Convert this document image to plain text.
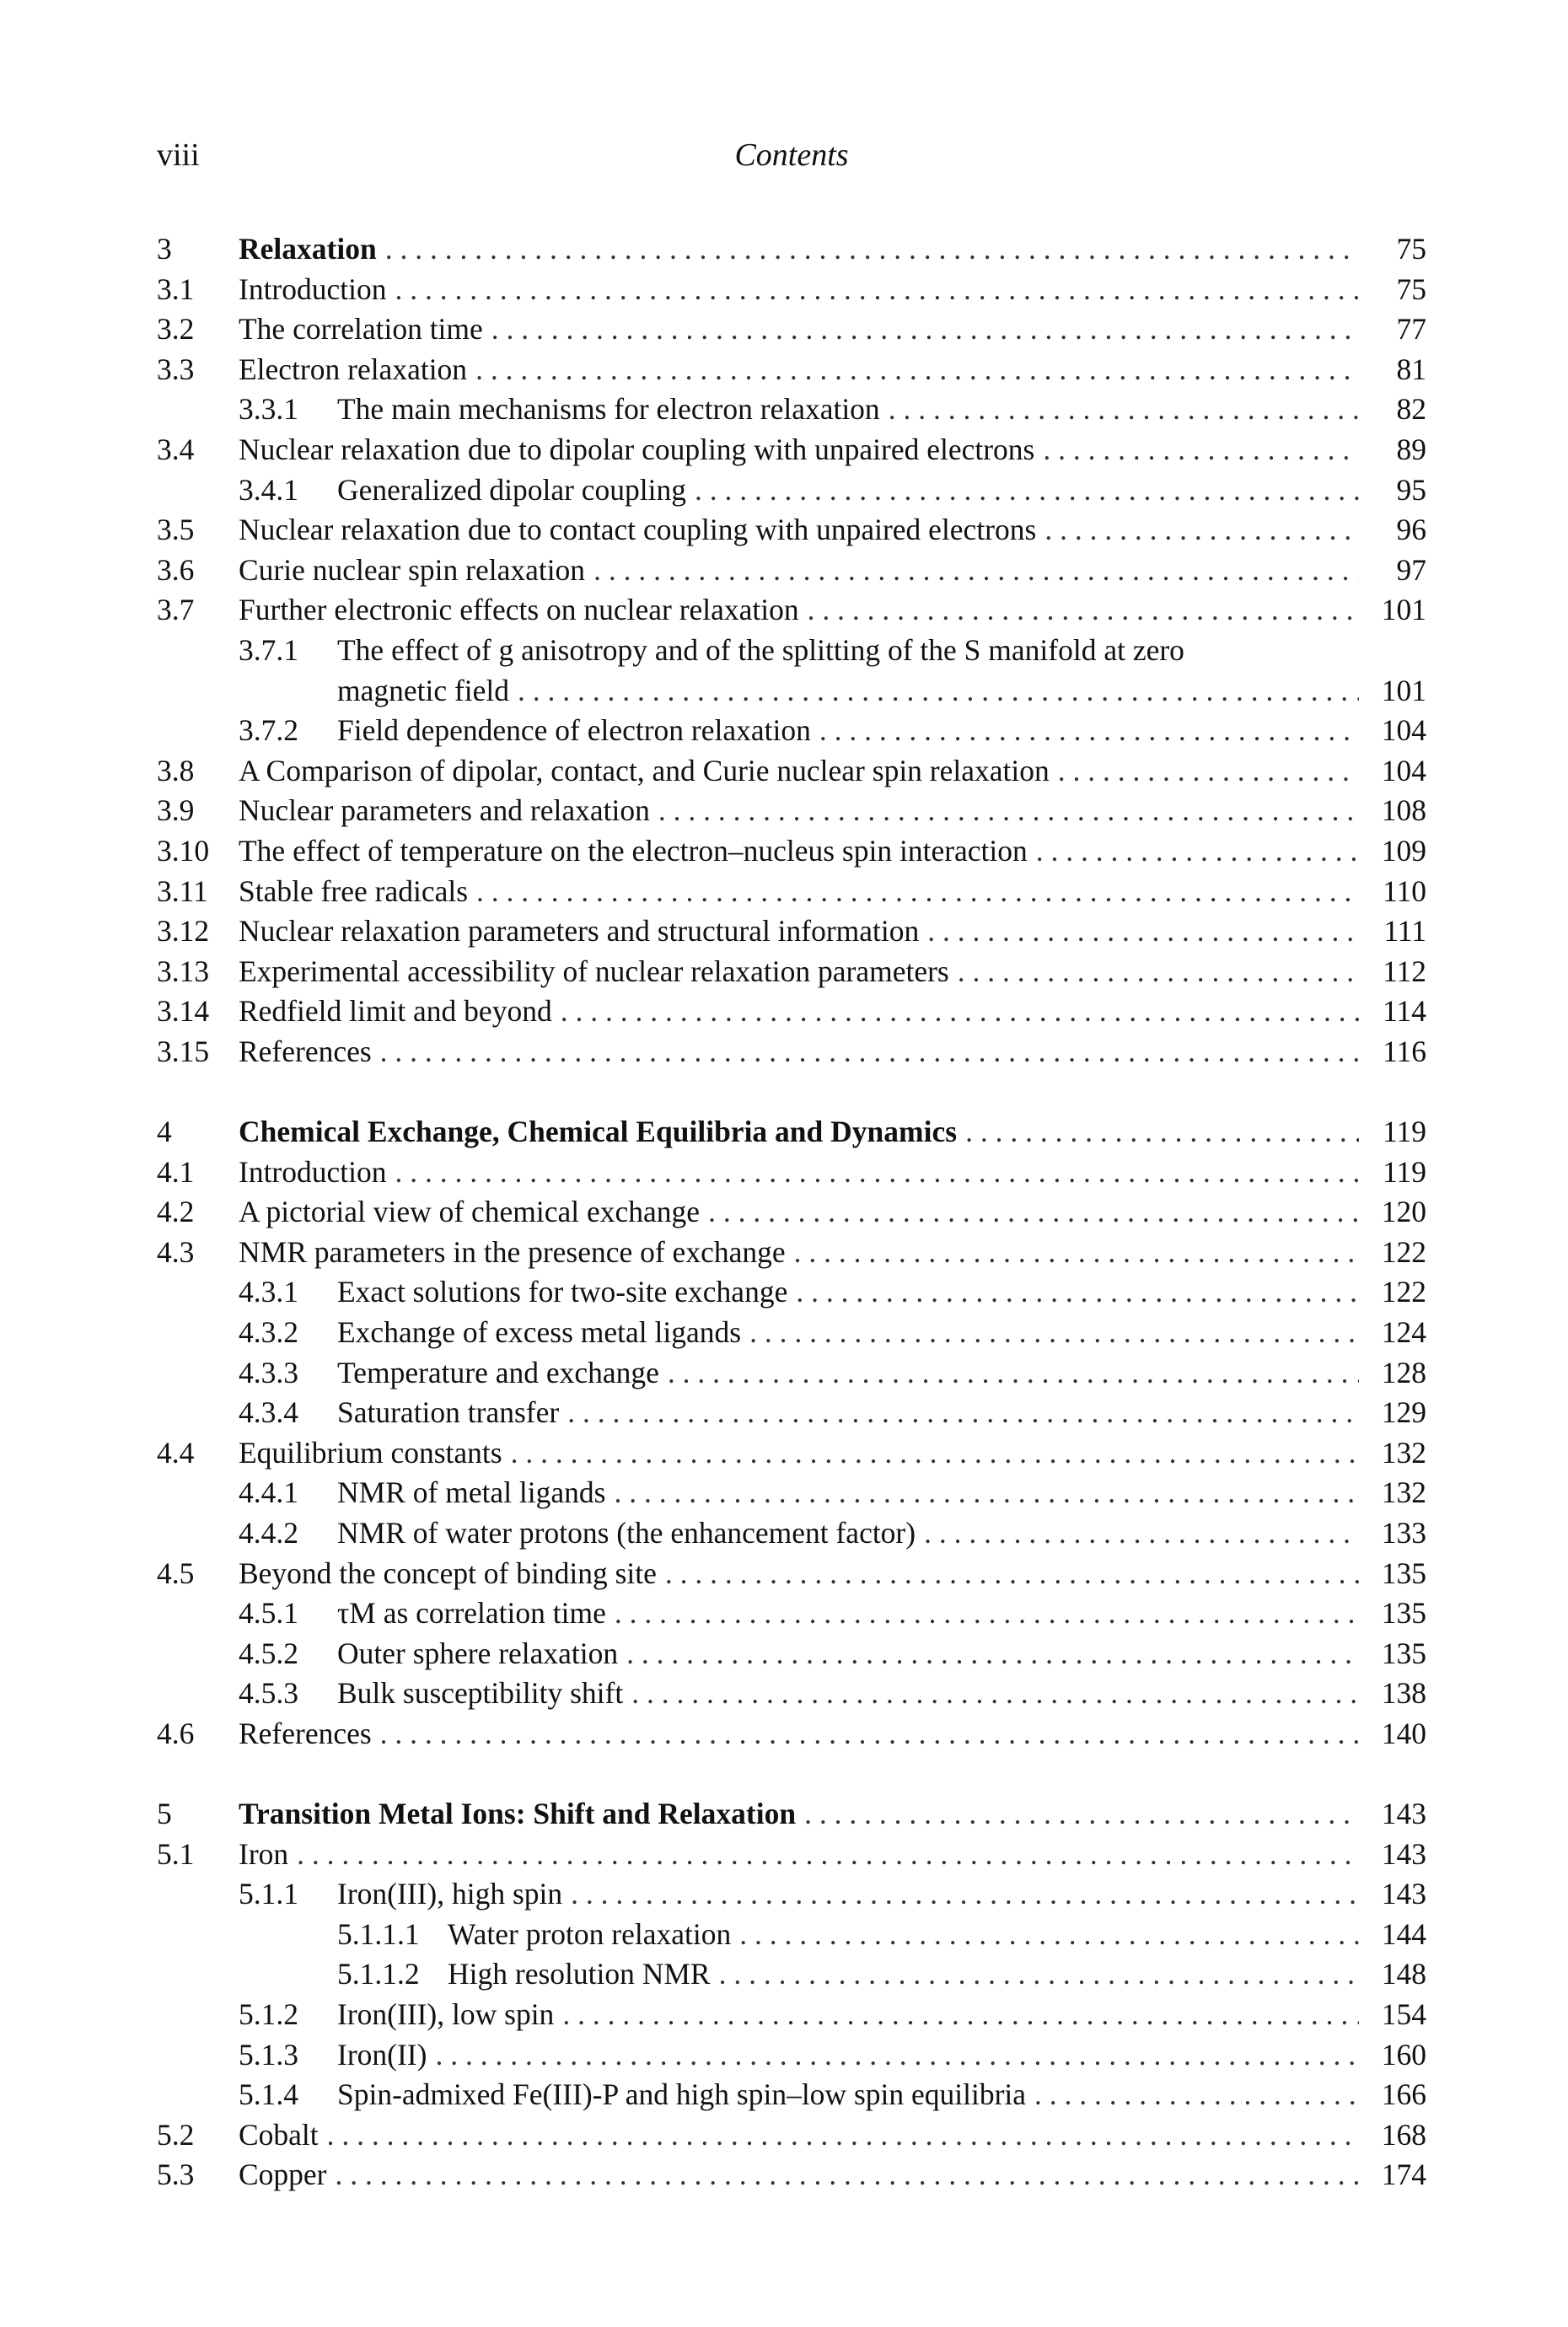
viii	Contents
3 Relaxation . . .	75
3.1 Introduction . . .	75
3.2 The correlation time . . .	77
3.3 Electron relaxation . . .	81
3.3.1 The main mechanisms for electron relaxation . . .	82
3.4 Nuclear relaxation due to dipolar coupling with unpaired electrons . . .	89
3.4.1 Generalized dipolar coupling . . .	95
3.5 Nuclear relaxation due to contact coupling with unpaired electrons . . .	96
3.6 Curie nuclear spin relaxation . . .	97
3.7 Further electronic effects on nuclear relaxation . . .	101
3.7.1 The effect of g anisotropy and of the splitting of the S manifold at zero
magnetic field . . .	101
3.7.2 Field dependence of electron relaxation . . .	104
3.8 A Comparison of dipolar, contact, and Curie nuclear spin relaxation . . .	104
3.9 Nuclear parameters and relaxation . . .	108
3.10 The effect of temperature on the electron–nucleus spin interaction . . .	109
3.11 Stable free radicals . . .	110
3.12 Nuclear relaxation parameters and structural information . . .	111
3.13 Experimental accessibility of nuclear relaxation parameters . . .	112
3.14 Redfield limit and beyond . . .	114
3.15 References . . .	116
4 Chemical Exchange, Chemical Equilibria and Dynamics . . .	119
4.1 Introduction . . .	119
4.2 A pictorial view of chemical exchange . . .	120
4.3 NMR parameters in the presence of exchange . . .	122
4.3.1 Exact solutions for two-site exchange . . .	122
4.3.2 Exchange of excess metal ligands . . .	124
4.3.3 Temperature and exchange . . .	128
4.3.4 Saturation transfer . . .	129
4.4 Equilibrium constants . . .	132
4.4.1 NMR of metal ligands . . .	132
4.4.2 NMR of water protons (the enhancement factor) . . .	133
4.5 Beyond the concept of binding site . . .	135
4.5.1 τM as correlation time . . .	135
4.5.2 Outer sphere relaxation . . .	135
4.5.3 Bulk susceptibility shift . . .	138
4.6 References . . .	140
5 Transition Metal Ions: Shift and Relaxation . . .	143
5.1 Iron . . .	143
5.1.1 Iron(III), high spin . . .	143
5.1.1.1 Water proton relaxation . . .	144
5.1.1.2 High resolution NMR . . .	148
5.1.2 Iron(III), low spin . . .	154
5.1.3 Iron(II) . . .	160
5.1.4 Spin-admixed Fe(III)-P and high spin–low spin equilibria . . .	166
5.2 Cobalt . . .	168
5.3 Copper . . .	174
